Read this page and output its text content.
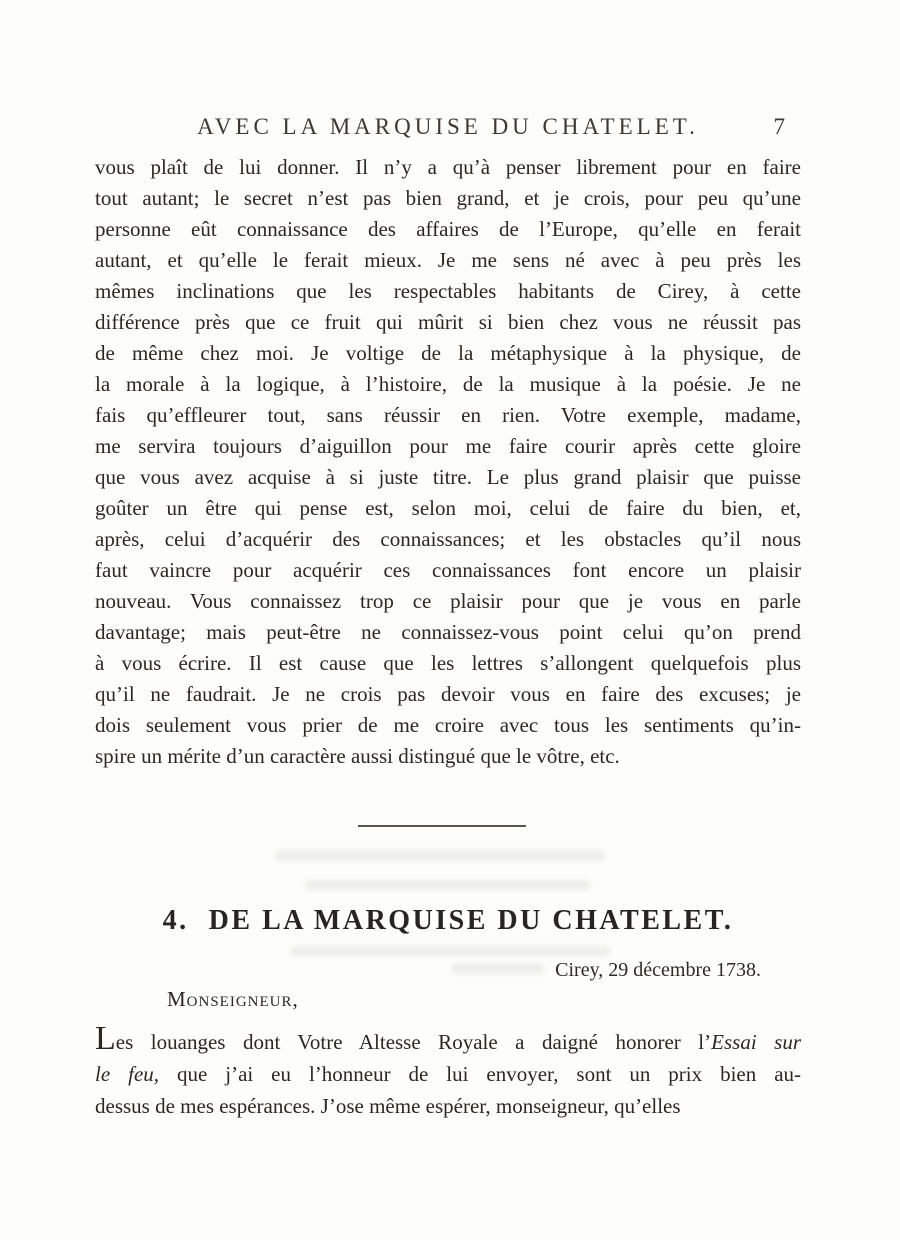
AVEC LA MARQUISE DU CHATELET.	7
vous plaît de lui donner. Il n’y a qu’à penser librement pour en faire
tout autant; le secret n’est pas bien grand, et je crois, pour peu qu’une
personne eût connaissance des affaires de l’Europe, qu’elle en ferait
autant, et qu’elle le ferait mieux. Je me sens né avec à peu près les
mêmes inclinations que les respectables habitants de Cirey, à cette
différence près que ce fruit qui mûrit si bien chez vous ne réussit pas
de même chez moi. Je voltige de la métaphysique à la physique, de
la morale à la logique, à l’histoire, de la musique à la poésie. Je ne
fais qu’effleurer tout, sans réussir en rien. Votre exemple, madame,
me servira toujours d’aiguillon pour me faire courir après cette gloire
que vous avez acquise à si juste titre. Le plus grand plaisir que puisse
goûter un être qui pense est, selon moi, celui de faire du bien, et,
après, celui d’acquérir des connaissances; et les obstacles qu’il nous
faut vaincre pour acquérir ces connaissances font encore un plaisir
nouveau. Vous connaissez trop ce plaisir pour que je vous en parle
davantage; mais peut-être ne connaissez-vous point celui qu’on prend
à vous écrire. Il est cause que les lettres s’allongent quelquefois plus
qu’il ne faudrait. Je ne crois pas devoir vous en faire des excuses; je
dois seulement vous prier de me croire avec tous les sentiments qu’in-
spire un mérite d’un caractère aussi distingué que le vôtre, etc.
4. DE LA MARQUISE DU CHATELET.
Cirey, 29 décembre 1738.
Monseigneur,
Les louanges dont Votre Altesse Royale a daigné honorer l’Essai sur
le feu, que j’ai eu l’honneur de lui envoyer, sont un prix bien au-
dessus de mes espérances. J’ose même espérer, monseigneur, qu’elles
